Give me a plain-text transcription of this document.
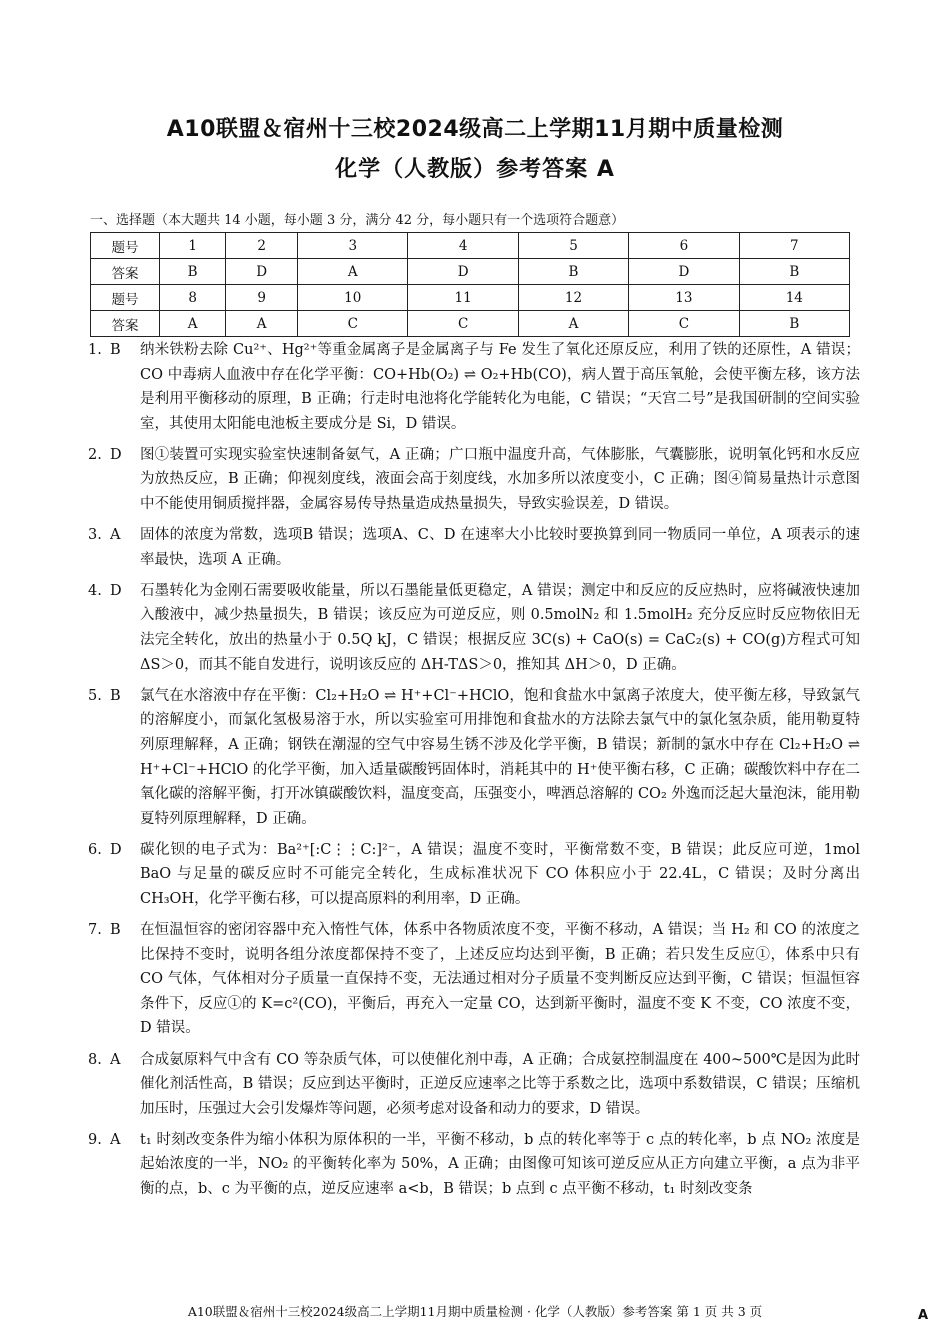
A10联盟＆宿州十三校2024级高二上学期11月期中质量检测
化学（人教版）参考答案 A
一、选择题（本大题共 14 小题，每小题 3 分，满分 42 分，每小题只有一个选项符合题意）
题号	1	2	3	4	5	6	7
答案	B	D	A	D	B	D	B
题号	8	9	10	11	12	13	14
答案	A	A	C	C	A	C	B
1. B	纳米铁粉去除 Cu²⁺、Hg²⁺等重金属离子是金属离子与 Fe 发生了氧化还原反应，利用了铁的还原性，A 错误；CO 中毒病人血液中存在化学平衡：CO+Hb(O₂) ⇌ O₂+Hb(CO)，病人置于高压氧舱，会使平衡左移，该方法是利用平衡移动的原理，B 正确；行走时电池将化学能转化为电能，C 错误；“天宫二号”是我国研制的空间实验室，其使用太阳能电池板主要成分是 Si，D 错误。
2. D	图①装置可实现实验室快速制备氨气，A 正确；广口瓶中温度升高，气体膨胀，气囊膨胀，说明氧化钙和水反应为放热反应，B 正确；仰视刻度线，液面会高于刻度线，水加多所以浓度变小，C 正确；图④简易量热计示意图中不能使用铜质搅拌器，金属容易传导热量造成热量损失，导致实验误差，D 错误。
3. A	固体的浓度为常数，选项B 错误；选项A、C、D 在速率大小比较时要换算到同一物质同一单位，A 项表示的速率最快，选项 A 正确。
4. D	石墨转化为金刚石需要吸收能量，所以石墨能量低更稳定，A 错误；测定中和反应的反应热时，应将碱液快速加入酸液中，减少热量损失，B 错误；该反应为可逆反应，则 0.5molN₂ 和 1.5molH₂ 充分反应时反应物依旧无法完全转化，放出的热量小于 0.5Q kJ，C 错误；根据反应 3C(s) + CaO(s) = CaC₂(s) + CO(g)方程式可知 ΔS＞0，而其不能自发进行，说明该反应的 ΔH-TΔS＞0，推知其 ΔH＞0，D 正确。
5. B	氯气在水溶液中存在平衡：Cl₂+H₂O ⇌ H⁺+Cl⁻+HClO，饱和食盐水中氯离子浓度大，使平衡左移，导致氯气的溶解度小，而氯化氢极易溶于水，所以实验室可用排饱和食盐水的方法除去氯气中的氯化氢杂质，能用勒夏特列原理解释，A 正确；钢铁在潮湿的空气中容易生锈不涉及化学平衡，B 错误；新制的氯水中存在 Cl₂+H₂O ⇌ H⁺+Cl⁻+HClO 的化学平衡，加入适量碳酸钙固体时，消耗其中的 H⁺使平衡右移，C 正确；碳酸饮料中存在二氧化碳的溶解平衡，打开冰镇碳酸饮料，温度变高，压强变小，啤酒总溶解的 CO₂ 外逸而泛起大量泡沫，能用勒夏特列原理解释，D 正确。
6. D	碳化钡的电子式为：Ba²⁺[:C⋮⋮C:]²⁻，A 错误；温度不变时，平衡常数不变，B 错误；此反应可逆，1mol BaO 与足量的碳反应时不可能完全转化，生成标准状况下 CO 体积应小于 22.4L，C 错误；及时分离出 CH₃OH，化学平衡右移，可以提高原料的利用率，D 正确。
7. B	在恒温恒容的密闭容器中充入惰性气体，体系中各物质浓度不变，平衡不移动，A 错误；当 H₂ 和 CO 的浓度之比保持不变时，说明各组分浓度都保持不变了，上述反应均达到平衡，B 正确；若只发生反应①，体系中只有 CO 气体，气体相对分子质量一直保持不变，无法通过相对分子质量不变判断反应达到平衡，C 错误；恒温恒容条件下，反应①的 K=c²(CO)，平衡后，再充入一定量 CO，达到新平衡时，温度不变 K 不变，CO 浓度不变，D 错误。
8. A	合成氨原料气中含有 CO 等杂质气体，可以使催化剂中毒，A 正确；合成氨控制温度在 400~500℃是因为此时催化剂活性高，B 错误；反应到达平衡时，正逆反应速率之比等于系数之比，选项中系数错误，C 错误；压缩机加压时，压强过大会引发爆炸等问题，必须考虑对设备和动力的要求，D 错误。
9. A	t₁ 时刻改变条件为缩小体积为原体积的一半，平衡不移动，b 点的转化率等于 c 点的转化率，b 点 NO₂ 浓度是起始浓度的一半，NO₂ 的平衡转化率为 50%，A 正确；由图像可知该可逆反应从正方向建立平衡，a 点为非平衡的点，b、c 为平衡的点，逆反应速率 a<b，B 错误；b 点到 c 点平衡不移动，t₁ 时刻改变条
A10联盟＆宿州十三校2024级高二上学期11月期中质量检测 · 化学（人教版）参考答案 第 1 页 共 3 页	A
